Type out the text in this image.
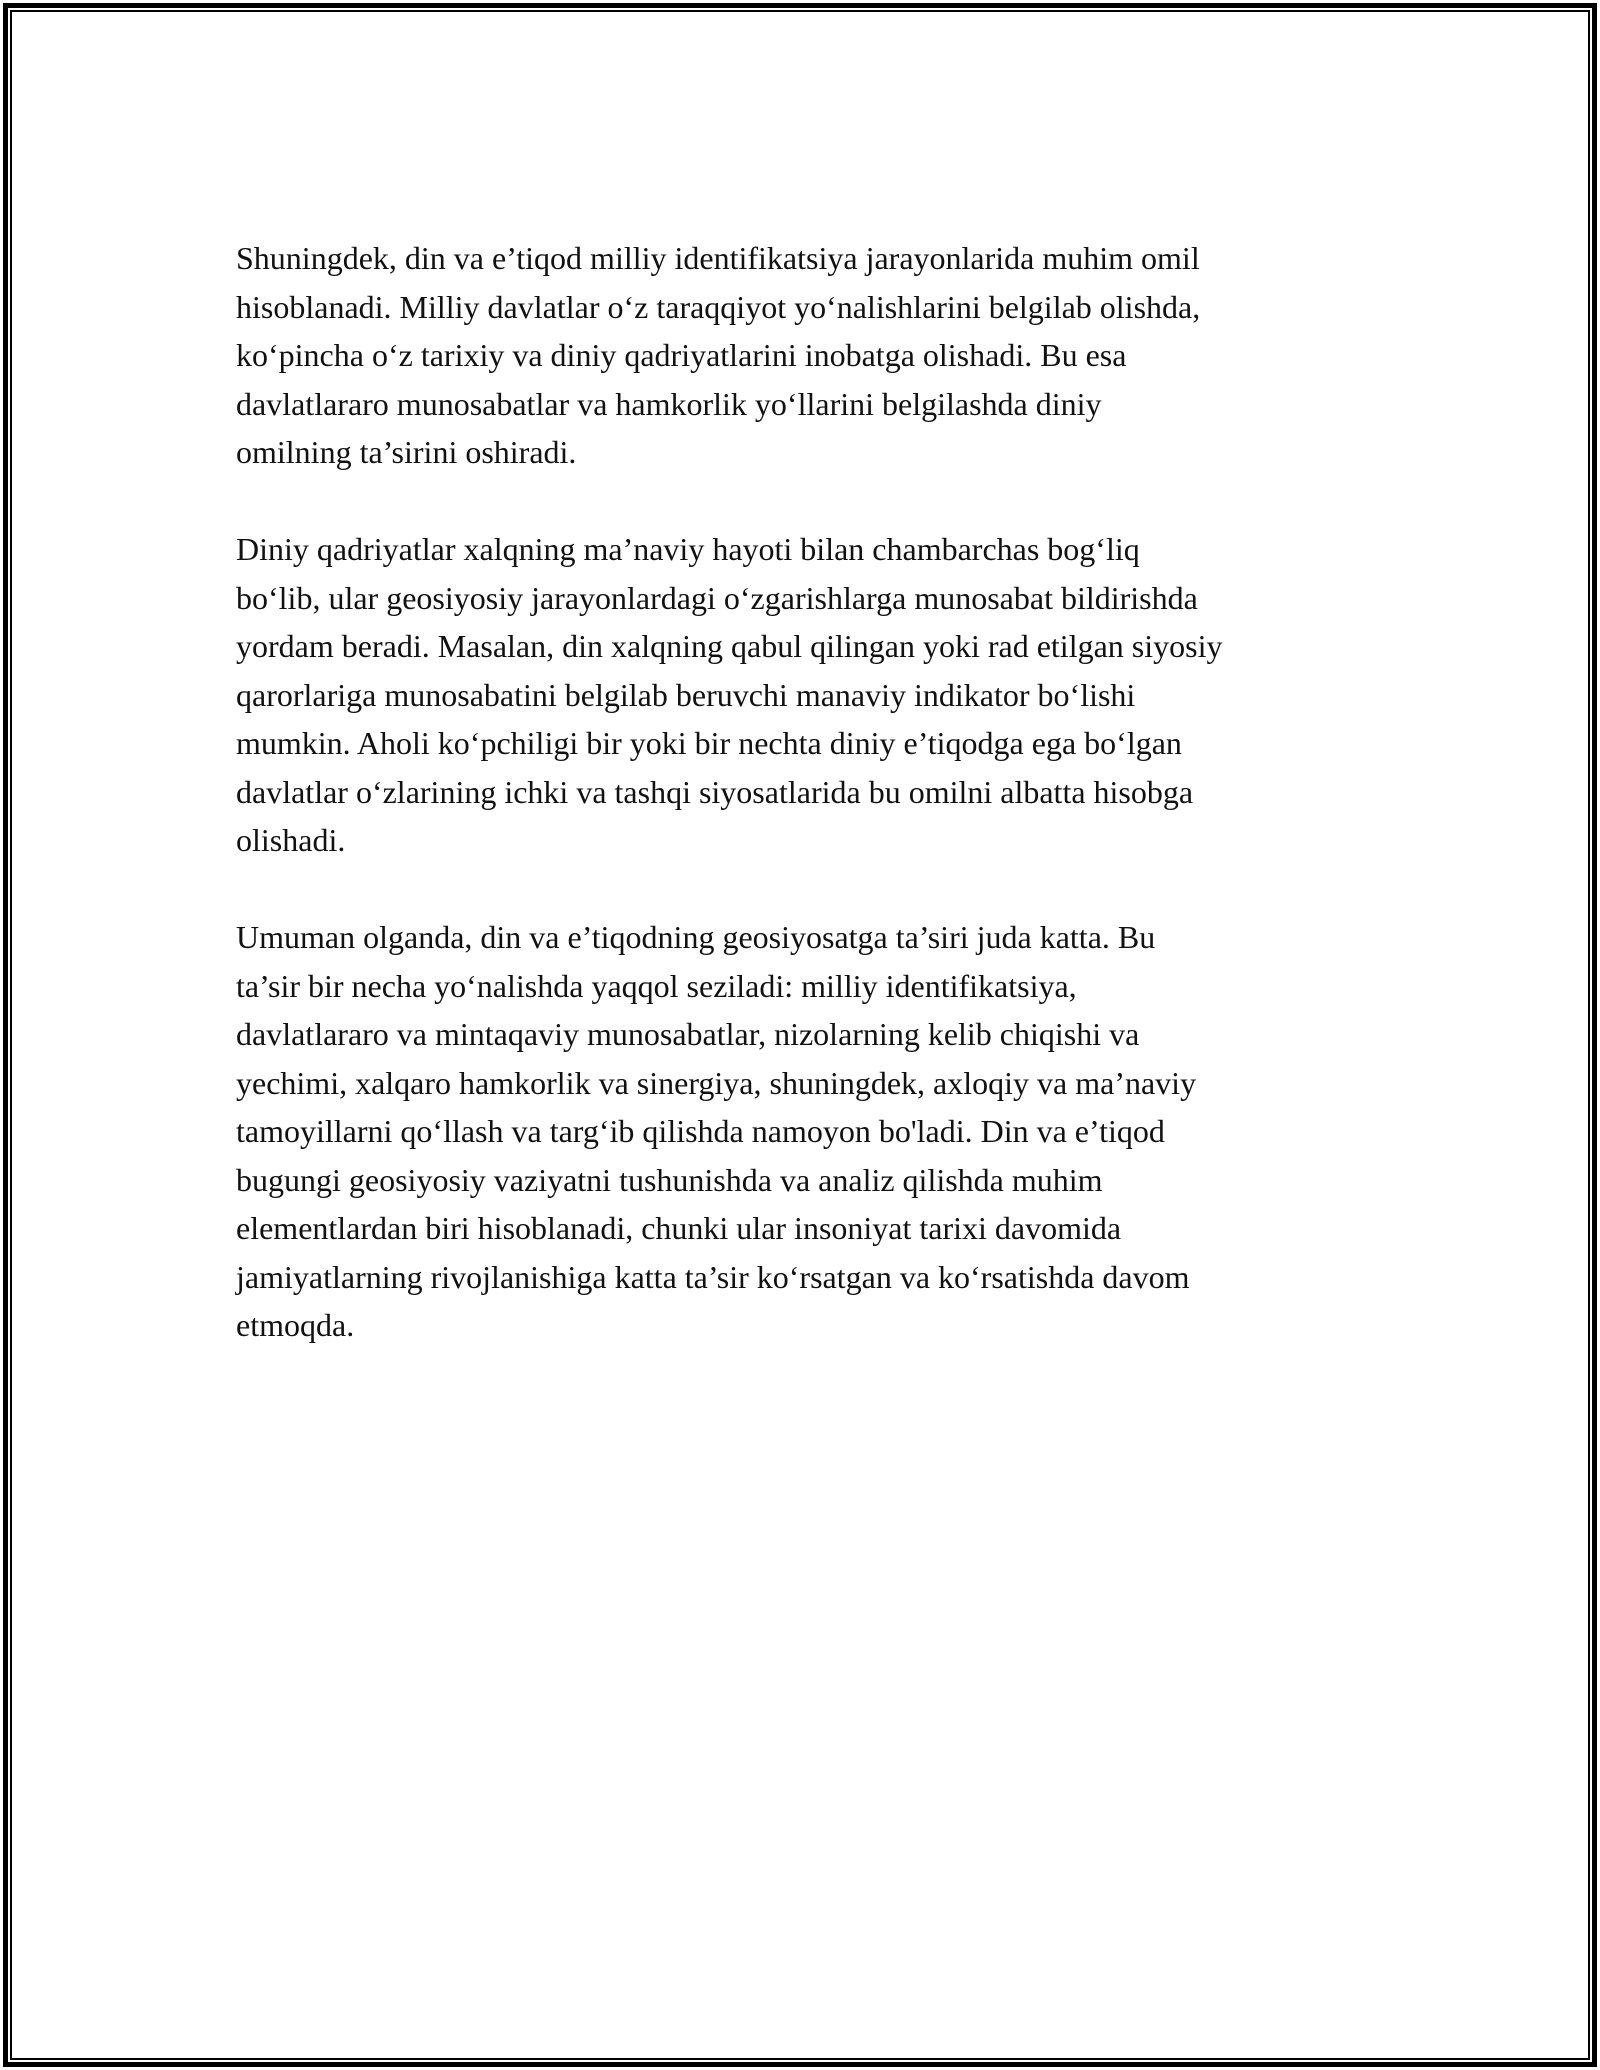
Shuningdek, din va e’tiqod milliy identifikatsiya jarayonlarida muhim omil
hisoblanadi. Milliy davlatlar o‘z taraqqiyot yo‘nalishlarini belgilab olishda,
ko‘pincha o‘z tarixiy va diniy qadriyatlarini inobatga olishadi. Bu esa
davlatlararo munosabatlar va hamkorlik yo‘llarini belgilashda diniy
omilning ta’sirini oshiradi.

Diniy qadriyatlar xalqning ma’naviy hayoti bilan chambarchas bog‘liq
bo‘lib, ular geosiyosiy jarayonlardagi o‘zgarishlarga munosabat bildirishda
yordam beradi. Masalan, din xalqning qabul qilingan yoki rad etilgan siyosiy
qarorlariga munosabatini belgilab beruvchi manaviy indikator bo‘lishi
mumkin. Aholi ko‘pchiligi bir yoki bir nechta diniy e’tiqodga ega bo‘lgan
davlatlar o‘zlarining ichki va tashqi siyosatlarida bu omilni albatta hisobga
olishadi.

Umuman olganda, din va e’tiqodning geosiyosatga ta’siri juda katta. Bu
ta’sir bir necha yo‘nalishda yaqqol seziladi: milliy identifikatsiya,
davlatlararo va mintaqaviy munosabatlar, nizolarning kelib chiqishi va
yechimi, xalqaro hamkorlik va sinergiya, shuningdek, axloqiy va ma’naviy
tamoyillarni qo‘llash va targ‘ib qilishda namoyon bo'ladi. Din va e’tiqod
bugungi geosiyosiy vaziyatni tushunishda va analiz qilishda muhim
elementlardan biri hisoblanadi, chunki ular insoniyat tarixi davomida
jamiyatlarning rivojlanishiga katta ta’sir ko‘rsatgan va ko‘rsatishda davom
etmoqda.
